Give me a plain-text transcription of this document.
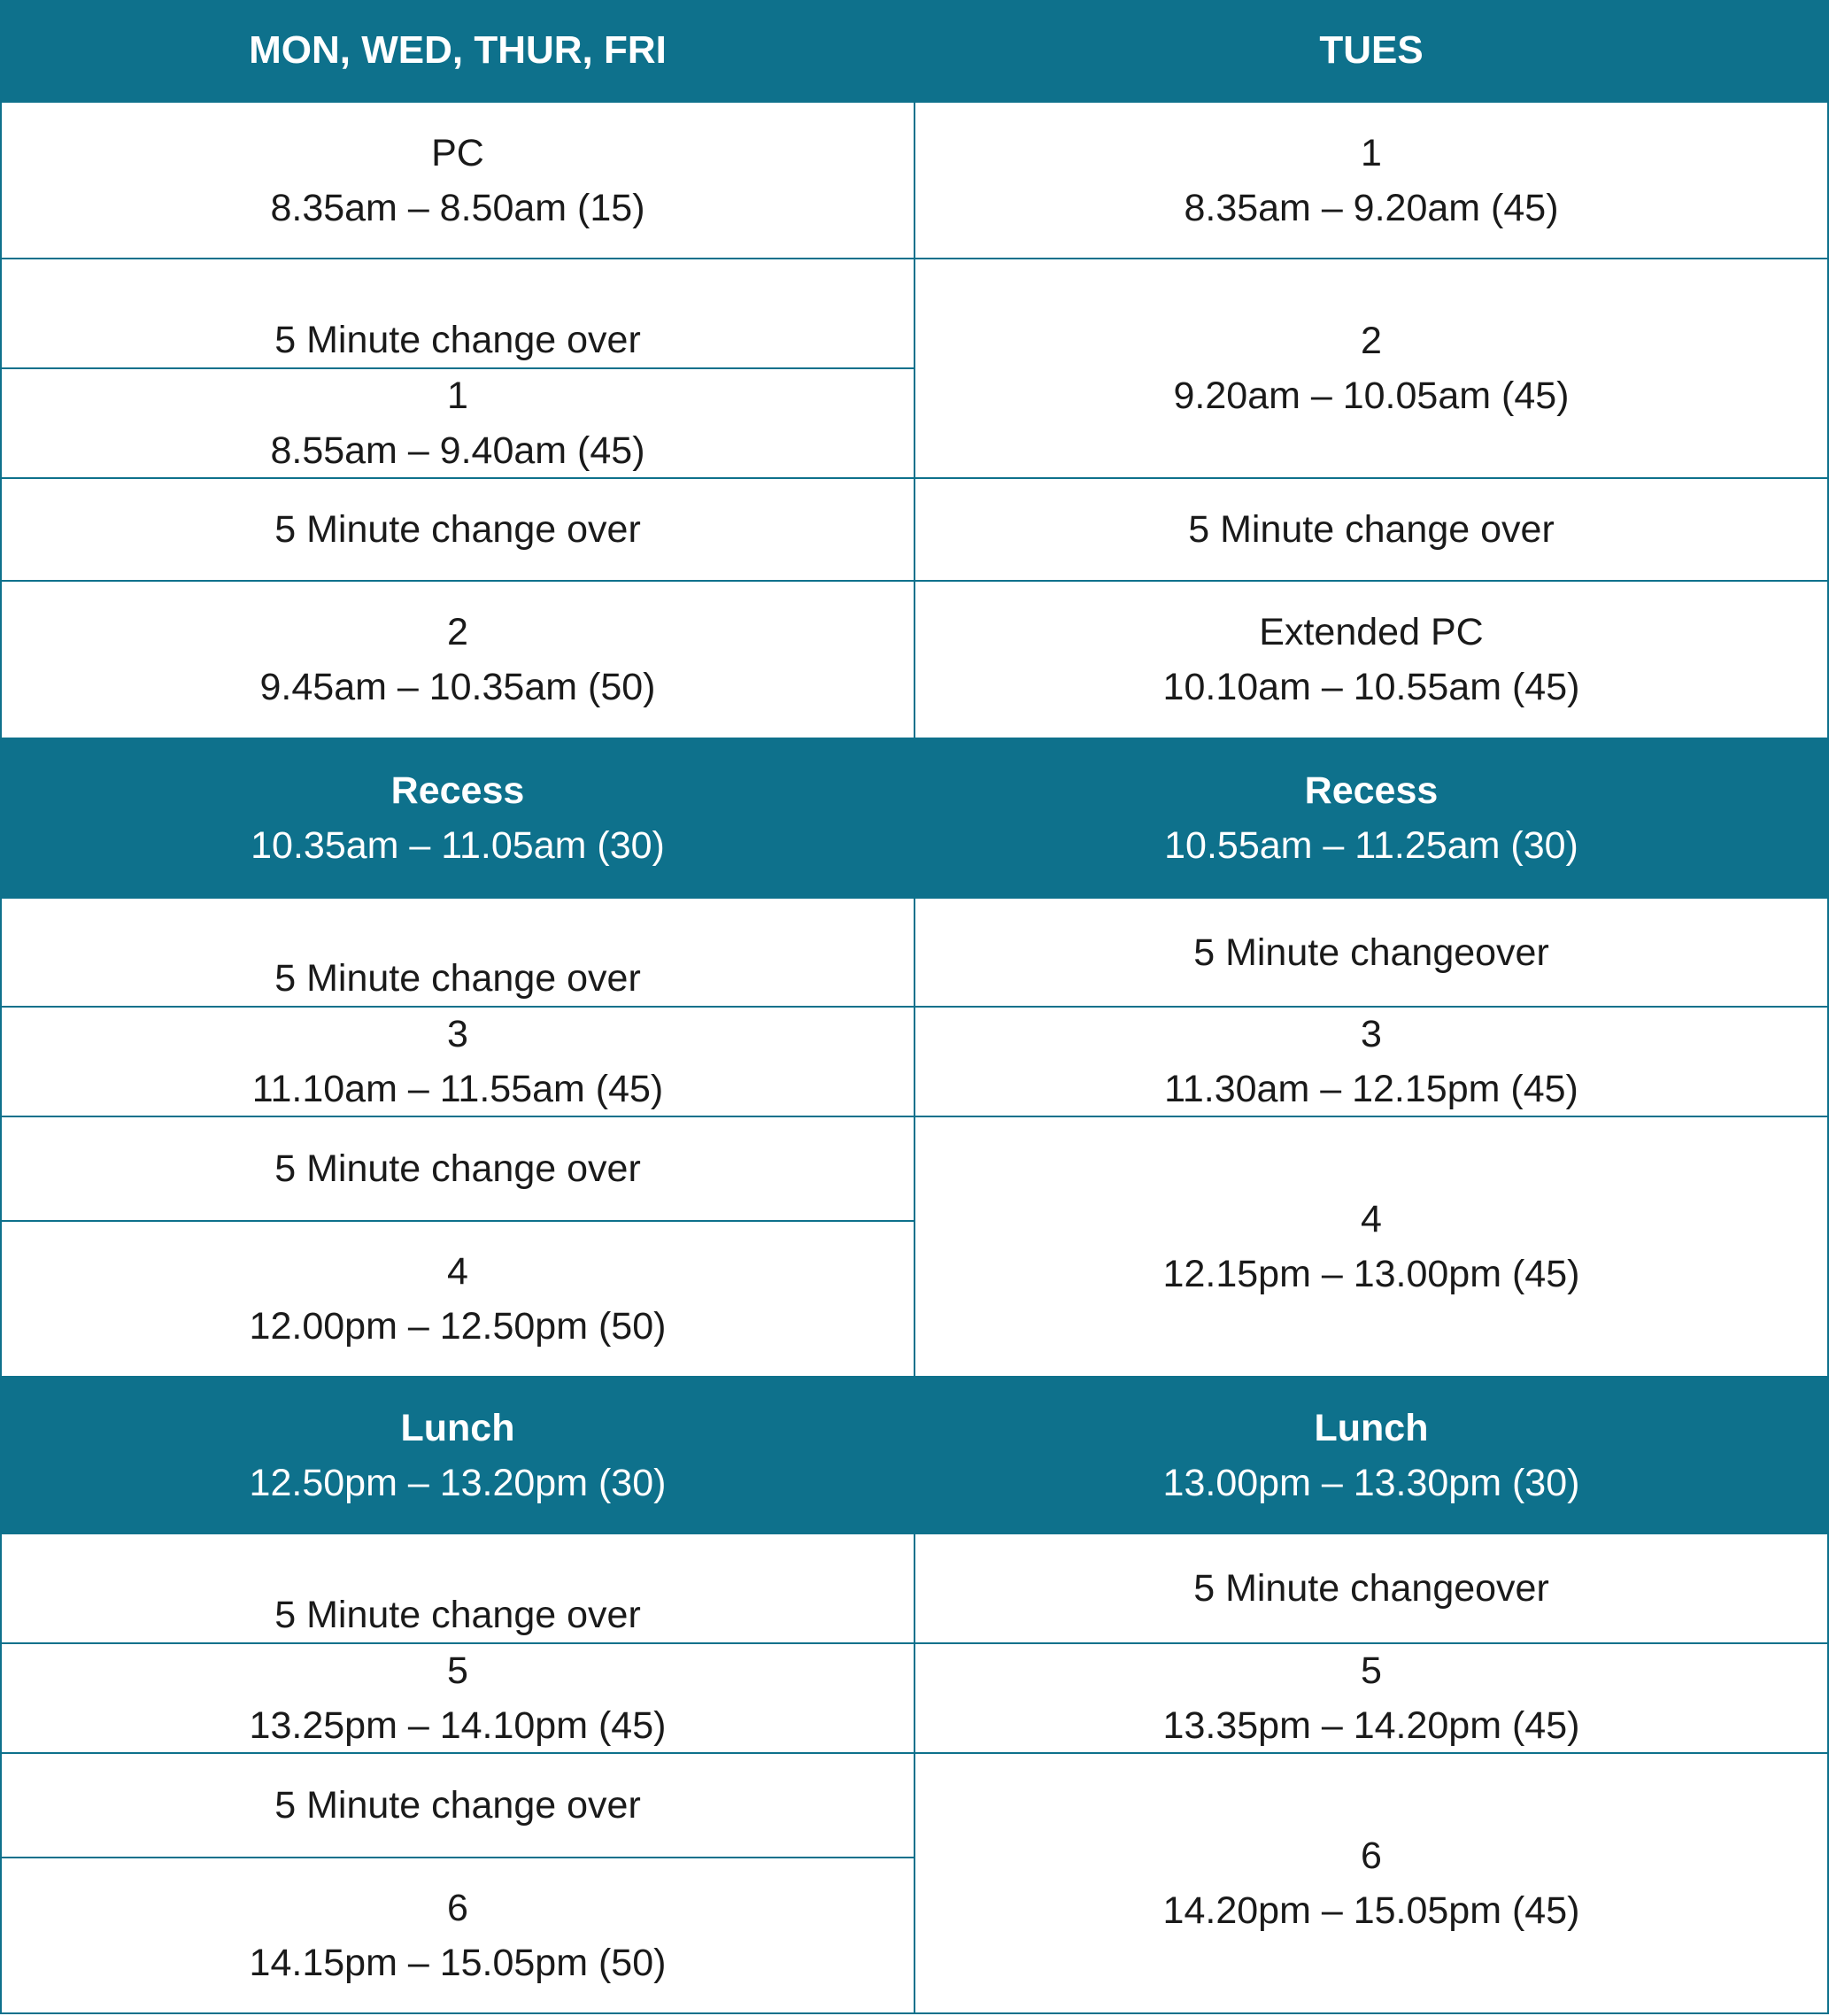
MON, WED, THUR, FRI	TUES
PC
8.35am – 8.50am (15)
5 Minute change over
1
8.55am – 9.40am (45)
5 Minute change over
2
9.45am – 10.35am (50)
Recess
10.35am – 11.05am (30)
5 Minute change over
3
11.10am – 11.55am (45)
5 Minute change over
4
12.00pm – 12.50pm (50)
Lunch
12.50pm – 13.20pm (30)
5 Minute change over
5
13.25pm – 14.10pm (45)
5 Minute change over
6
14.15pm – 15.05pm (50)
1
8.35am – 9.20am (45)
2
9.20am – 10.05am (45)
5 Minute change over
Extended PC
10.10am – 10.55am (45)
Recess
10.55am – 11.25am (30)
5 Minute changeover
3
11.30am – 12.15pm (45)
4
12.15pm – 13.00pm (45)
Lunch
13.00pm – 13.30pm (30)
5 Minute changeover
5
13.35pm – 14.20pm (45)
6
14.20pm – 15.05pm (45)
